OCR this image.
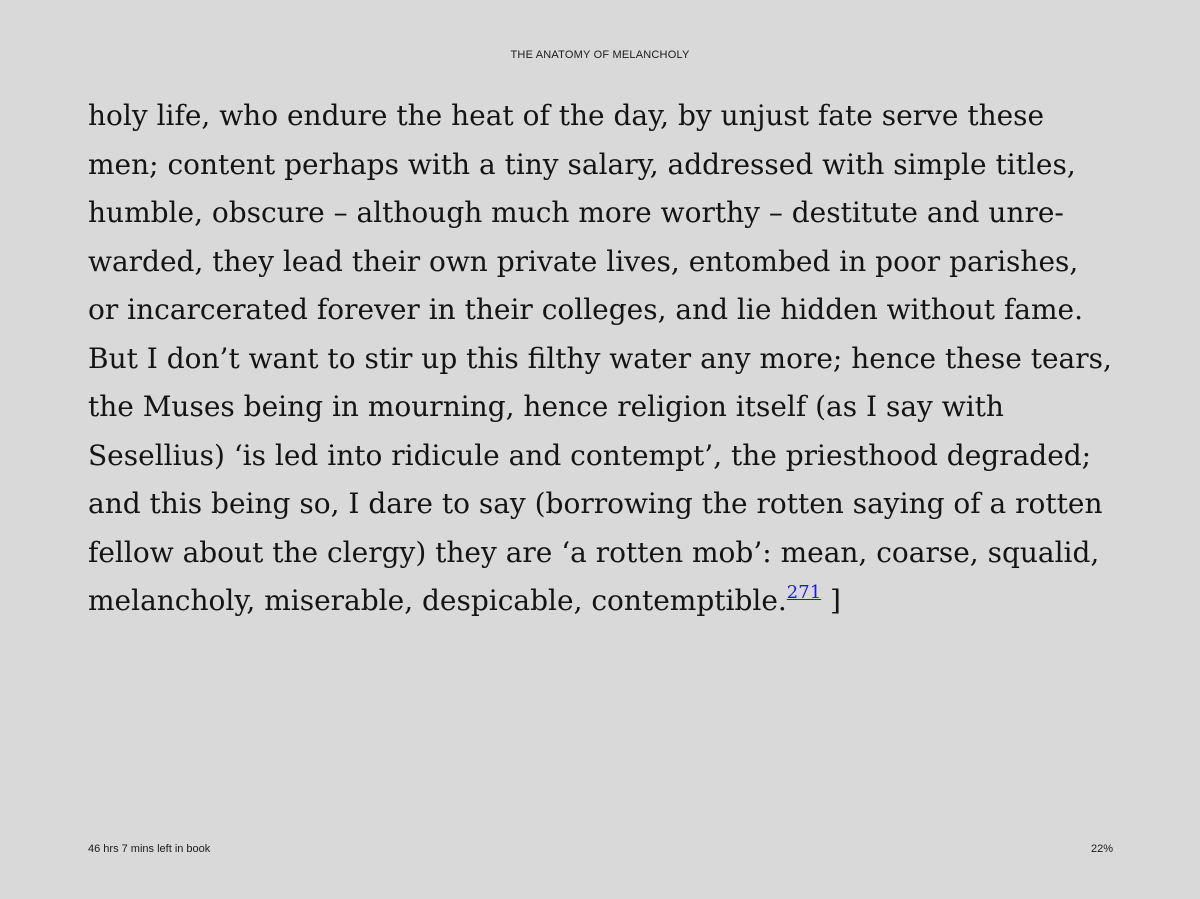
THE ANATOMY OF MELANCHOLY
holy life, who endure the heat of the day, by unjust fate serve these
men; content perhaps with a tiny salary, addressed with simple titles,
humble, obscure – although much more worthy – destitute and unre-
warded, they lead their own private lives, entombed in poor parishes,
or incarcerated forever in their colleges, and lie hidden without fame.
But I don’t want to stir up this filthy water any more; hence these tears,
the Muses being in mourning, hence religion itself (as I say with
Sesellius) ‘is led into ridicule and contempt’, the priesthood degraded;
and this being so, I dare to say (borrowing the rotten saying of a rotten
fellow about the clergy) they are ‘a rotten mob’: mean, coarse, squalid,
melancholy, miserable, despicable, contemptible.$^{271}$ ]
46 hrs 7 mins left in book	22%
